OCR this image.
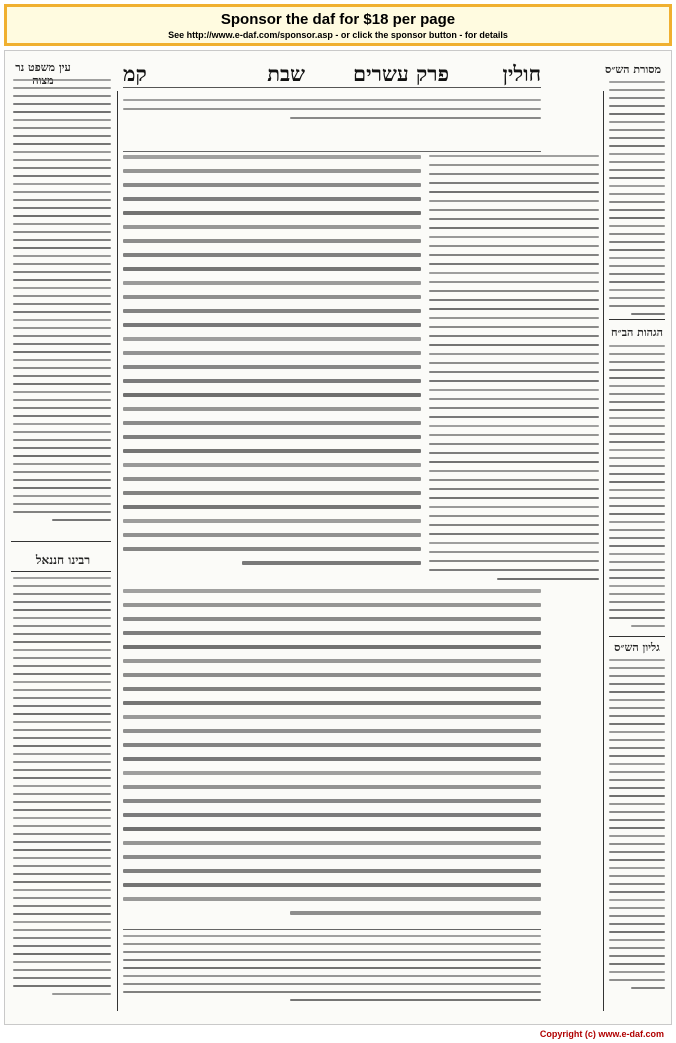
Sponsor the daf for $18 per page
See http://www.e-daf.com/sponsor.asp - or click the sponsor button - for details
חולין
פרק עשרים
שבת
קמ
עין משפט נר
רבינו חננאל
מסורת הש״ס
הגהות הב״ח
גליון הש״ס
Copyright (c) www.e-daf.com
